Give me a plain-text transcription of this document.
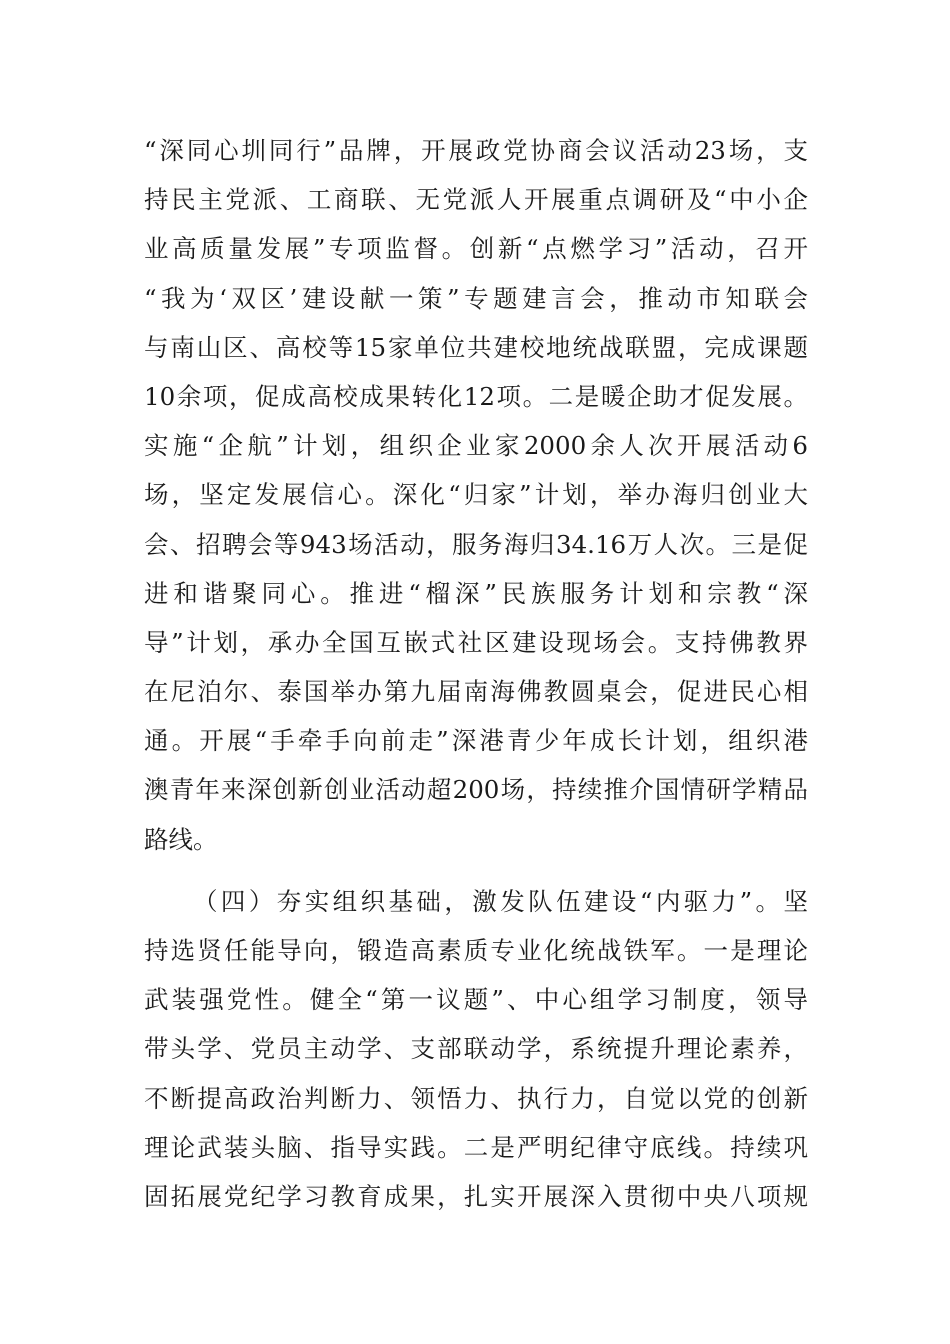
“深同心圳同行”品牌，开展政党协商会议活动23场，支
持民主党派、工商联、无党派人开展重点调研及“中小企
业高质量发展”专项监督。创新“点燃学习”活动，召开
“我为‘双区’建设献一策”专题建言会，推动市知联会
与南山区、高校等15家单位共建校地统战联盟，完成课题
10余项，促成高校成果转化12项。二是暖企助才促发展。
实施“企航”计划，组织企业家2000余人次开展活动6
场，坚定发展信心。深化“归家”计划，举办海归创业大
会、招聘会等943场活动，服务海归34.16万人次。三是促
进和谐聚同心。推进“榴深”民族服务计划和宗教“深
导”计划，承办全国互嵌式社区建设现场会。支持佛教界
在尼泊尔、泰国举办第九届南海佛教圆桌会，促进民心相
通。开展“手牵手向前走”深港青少年成长计划，组织港
澳青年来深创新创业活动超200场，持续推介国情研学精品
路线。
（四）夯实组织基础，激发队伍建设“内驱力”。坚
持选贤任能导向，锻造高素质专业化统战铁军。一是理论
武装强党性。健全“第一议题”、中心组学习制度，领导
带头学、党员主动学、支部联动学，系统提升理论素养，
不断提高政治判断力、领悟力、执行力，自觉以党的创新
理论武装头脑、指导实践。二是严明纪律守底线。持续巩
固拓展党纪学习教育成果，扎实开展深入贯彻中央八项规
